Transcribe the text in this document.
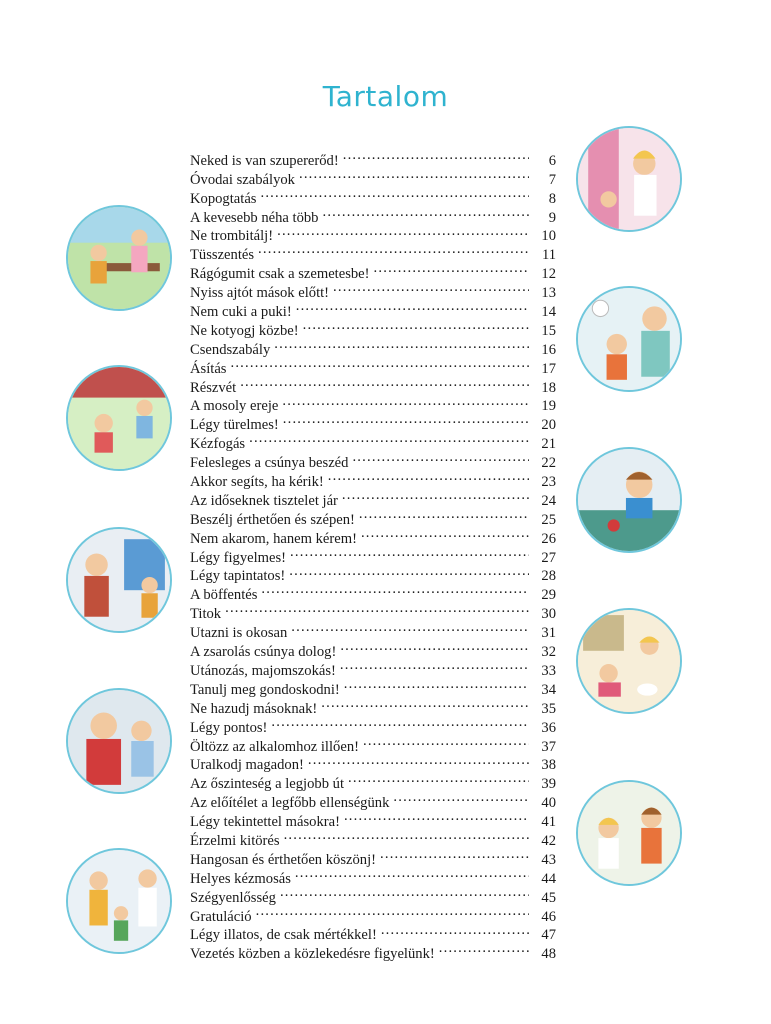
Tartalom
Neked is van szupererőd! .....	6
Óvodai szabályok .....	7
Kopogtatás .....	8
A kevesebb néha több .....	9
Ne trombitálj! .....	10
Tüsszentés .....	11
Rágógumit csak a szemetesbe! .....	12
Nyiss ajtót mások előtt! .....	13
Nem cuki a puki! .....	14
Ne kotyogj közbe! .....	15
Csendszabály .....	16
Ásítás .....	17
Részvét .....	18
A mosoly ereje .....	19
Légy türelmes! .....	20
Kézfogás .....	21
Felesleges a csúnya beszéd .....	22
Akkor segíts, ha kérik! .....	23
Az időseknek tisztelet jár .....	24
Beszélj érthetően és szépen! .....	25
Nem akarom, hanem kérem! .....	26
Légy figyelmes! .....	27
Légy tapintatos! .....	28
A böffentés .....	29
Titok .....	30
Utazni is okosan .....	31
A zsarolás csúnya dolog! .....	32
Utánozás, majomszokás! .....	33
Tanulj meg gondoskodni! .....	34
Ne hazudj másoknak! .....	35
Légy pontos! .....	36
Öltözz az alkalomhoz illően! .....	37
Uralkodj magadon! .....	38
Az őszinteség a legjobb út .....	39
Az előítélet a legfőbb ellenségünk .....	40
Légy tekintettel másokra! .....	41
Érzelmi kitörés .....	42
Hangosan és érthetően köszönj! .....	43
Helyes kézmosás .....	44
Szégyenlősség .....	45
Gratuláció .....	46
Légy illatos, de csak mértékkel! .....	47
Vezetés közben a közlekedésre figyelünk! .....	48
